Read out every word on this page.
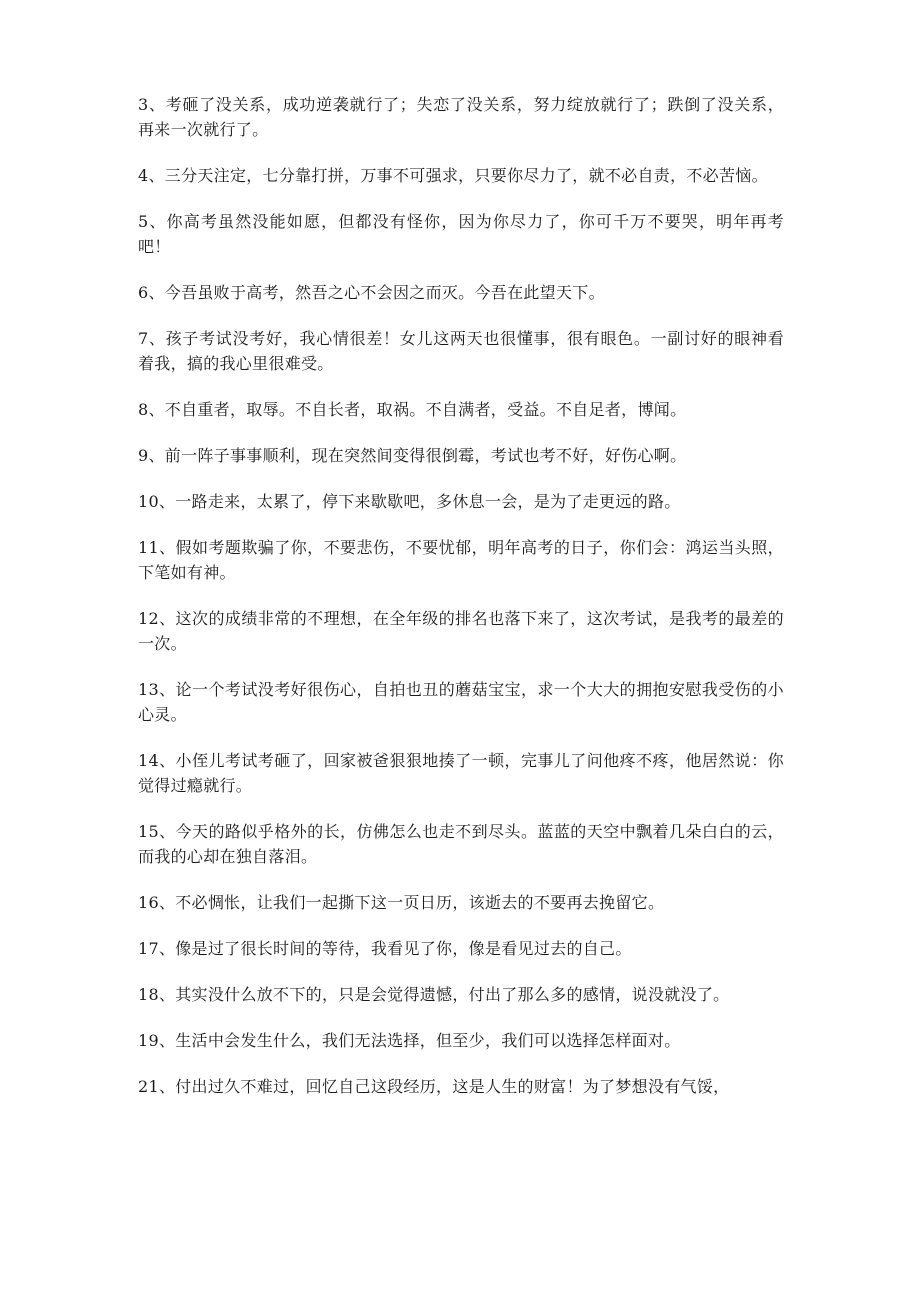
3、考砸了没关系，成功逆袭就行了；失恋了没关系，努力绽放就行了；跌倒了没关系，再来一次就行了。

4、三分天注定，七分靠打拼，万事不可强求，只要你尽力了，就不必自责，不必苦恼。

5、你高考虽然没能如愿，但都没有怪你，因为你尽力了，你可千万不要哭，明年再考吧！

6、今吾虽败于高考，然吾之心不会因之而灭。今吾在此望天下。

7、孩子考试没考好，我心情很差！女儿这两天也很懂事，很有眼色。一副讨好的眼神看着我，搞的我心里很难受。

8、不自重者，取辱。不自长者，取祸。不自满者，受益。不自足者，博闻。

9、前一阵子事事顺利，现在突然间变得很倒霉，考试也考不好，好伤心啊。

10、一路走来，太累了，停下来歇歇吧，多休息一会，是为了走更远的路。

11、假如考题欺骗了你，不要悲伤，不要忧郁，明年高考的日子，你们会：鸿运当头照，下笔如有神。

12、这次的成绩非常的不理想，在全年级的排名也落下来了，这次考试，是我考的最差的一次。

13、论一个考试没考好很伤心，自拍也丑的蘑菇宝宝，求一个大大的拥抱安慰我受伤的小心灵。

14、小侄儿考试考砸了，回家被爸狠狠地揍了一顿，完事儿了问他疼不疼，他居然说：你觉得过瘾就行。

15、今天的路似乎格外的长，仿佛怎么也走不到尽头。蓝蓝的天空中飘着几朵白白的云，而我的心却在独自落泪。

16、不必惆怅，让我们一起撕下这一页日历，该逝去的不要再去挽留它。

17、像是过了很长时间的等待，我看见了你，像是看见过去的自己。

18、其实没什么放不下的，只是会觉得遗憾，付出了那么多的感情，说没就没了。

19、生活中会发生什么，我们无法选择，但至少，我们可以选择怎样面对。

21、付出过久不难过，回忆自己这段经历，这是人生的财富！为了梦想没有气馁，
